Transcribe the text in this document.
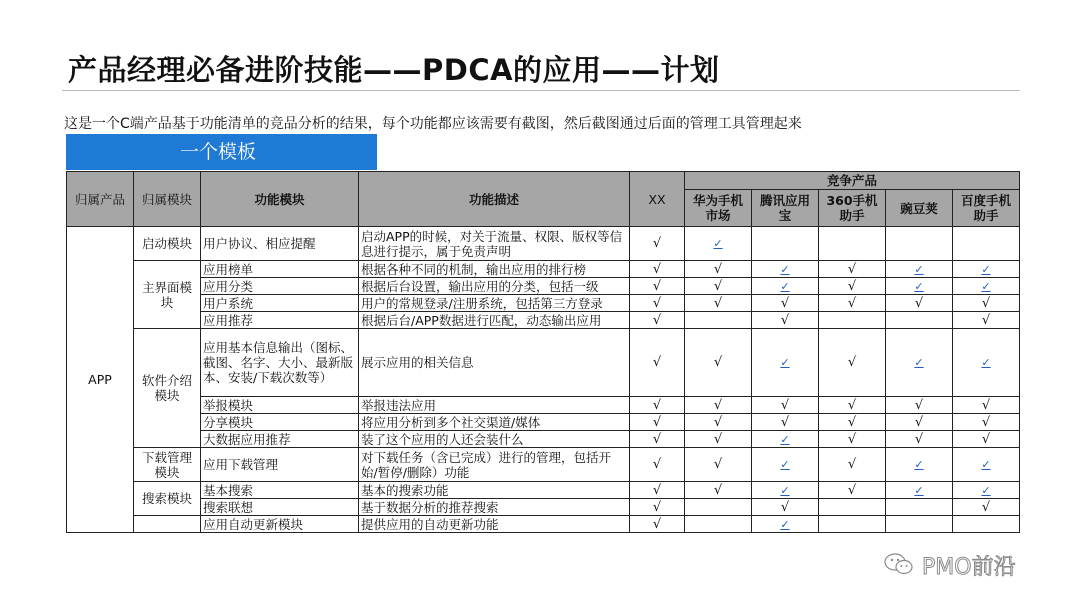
产品经理必备进阶技能——PDCA的应用——计划
这是一个C端产品基于功能清单的竞品分析的结果，每个功能都应该需要有截图，然后截图通过后面的管理工具管理起来
一个模板
归属产品	归属模块	功能模块	功能描述	XX	竞争产品				
					华为手机市场	腾讯应用宝	360手机助手	豌豆荚	百度手机助手
APP	启动模块	用户协议、相应提醒	启动APP的时候，对关于流量、权限、版权等信息进行提示，属于免责声明	√	✓				
	主界面模块	应用榜单	根据各种不同的机制，输出应用的排行榜	√	√	✓	√	✓	✓
		应用分类	根据后台设置，输出应用的分类，包括一级	√	√	✓	√	✓	✓
		用户系统	用户的常规登录/注册系统，包括第三方登录	√	√	√	√	√	√
		应用推荐	根据后台/APP数据进行匹配，动态输出应用	√		√			√
	软件介绍模块	应用基本信息输出（图标、截图、名字、大小、最新版本、安装/下载次数等）	展示应用的相关信息	√	√	✓	√	✓	✓
		举报模块	举报违法应用	√	√	√	√	√	√
		分享模块	将应用分析到多个社交渠道/媒体	√	√	√	√	√	√
		大数据应用推荐	装了这个应用的人还会装什么	√	√	✓	√	√	√
	下载管理模块	应用下载管理	对下载任务（含已完成）进行的管理，包括开始/暂停/删除）功能	√	√	✓	√	✓	✓
	搜索模块	基本搜索	基本的搜索功能	√	√	✓	√	✓	✓
		搜索联想	基于数据分析的推荐搜索	√		√			√
		应用自动更新模块	提供应用的自动更新功能	√		✓			
PMO前沿
